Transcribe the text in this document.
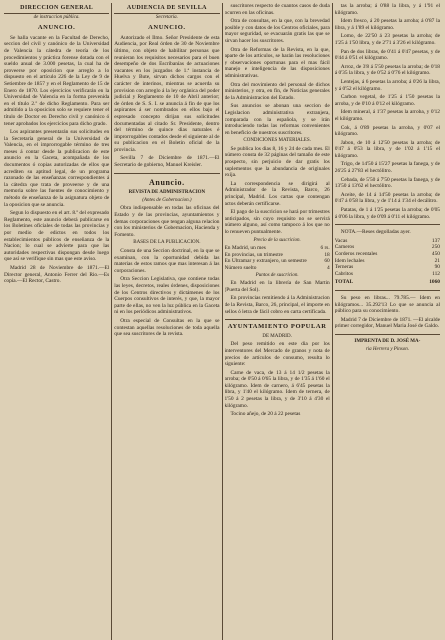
DIRECCION GENERAL
de instruccion pública.
ANUNCIO.

Se halla vacante en la Facultad de Derecho, seccion del civil y canónico de la Universidad de Valencia la cátedra de teoría de los procedimientos y práctica forense dotada con el sueldo anual de 3.000 pesetas, la cual ha de proveerse por oposicion que arreglo a lo dispuesto en el artículo 226 de la Ley de 9 de Setiembre de 1857 y en el Reglamento de 15 de Enero de 1870. Los ejercicios verificarán en la Universidad de Valencia en la forma prevenida en el título 2.º de dicho Reglamento. Para ser admitido a la oposicion solo se requiere tener el título de Doctor en Derecho civil y canónico ó tener aprobados los ejercicios para dicho grado.

Los aspirantes presentarán sus solicitudes en la Secretaría general de la Universidad de Valencia, en el improrrogable término de tres meses á contar desde la publicacion de este anuncio en la Gaceta, acompañada de los documentos ó copias autorizadas de ellos que acrediten su aptitud legal, de un programa razonado de las enseñanzas correspondientes á la cátedra que trata de proveerse y de una memoria sobre las fuentes de conocimiento y método de enseñanza de la asignatura objeto de la oposicion que se anuncia.

Segun lo dispuesto en el art. 8.º del expresado Reglamento, este anuncio deberá publicarse en los Boletines oficiales de todas las provincias y por medio de edictos en todos los establecimientos públicos de enseñanza de la Nacion; lo cual se advierte para que las autoridades respectivas dispongan desde luego que así se verifique sin mas que este aviso.

Madrid 28 de Noviembre de 1871.—El Director general, Antonio Ferrer del Rio.—Es copia.—El Rector, Castro.

AUDIENCIA DE SEVILLA
Secretaría.
ANUNCIO.

Autorizado el Ilmo. Señor Presidente de esta Audiencia, por Real órden de 30 de Noviembre último, con objeto de habilitar personas que reunieran los requisitos necesarios para el buen desempeño de dos Escribanías de actuaciones vacantes en los juzgados de 1.ª instancia de Huelva y Bute, sirvan dichos cargos con el carácter de interinos, mientras se acuerda su provision con arreglo á la ley orgánica del poder judicial y Reglamento de 10 de Abril anterior; de órden de S. S. I. se anuncia á fin de que los aspirantes á ser nombrados en ellos bajo el espresado concepto dirijan sus solicitudes documentadas al citado Sr. Presidente, dentro del término de quince dias naturales é improrrogables contados desde el siguiente al de su publicacion en el Boletin oficial de la provincia.

Sevilla 7 de Diciembre de 1871.—El Secretario de gobierno, Manuel Kreisler.

Anuncio.
REVISTA DE ADMINISTRACION
(Antes de Gobernacion.)

Obra indispensable en todas las oficinas del Estado y de las provincias, ayuntamientos y demas corporaciones que tengan alguna relacion con los ministerios de Gobernacion, Hacienda y Fomento.

BASES DE LA PUBLICACION.

Consta de una Seccion doctrinal, en la que se examinan, con la oportunidad debida las materias de estos ramos que mas interesan á las corporaciones.

Otra Seccion Legislativa, que contiene todas las leyes, decretos, reales órdenes, disposiciones de los Centros directivos y dictámenes de los Cuerpos consultivos de interés, y que, la mayor parte de ellas, no ven la luz pública en la Gaceta ni en los periódicos administrativos.

Otra especial de Consultas en la que se contestan aquellas resoluciones de toda aquella que sea suscritores de la revista.

suscritores respecto de cuantos casos de duda ocurren en las oficinas.

Otra de consultas, en la que, con la brevedad posible y con datos de los Centros oficiales, para mayor seguridad, se evacuarán gratis las que se sirvan hacer los suscritores.

Otra de Reformas de la Revista, en la que, aparte de los articulos, se harán las resoluciones y observaciones oportunas para el mas fácil manejo e inteligencia de las disposiciones administrativas.

Otra del movimiento del personal de dichos ministerios, y otra, en fin, de Noticias generales de la Administracion del Estado.

Sus anuncios se abonan una seccion de Legislacion administrativa extranjera, comparada con la española, y se irán introduciendo todas las reformas convenientes en beneficio de nuestros suscritores.

CONDICIONES MATERIALES.

Se publica los dias 8, 16 y 24 de cada mes. El número consta de 32 páginas del tamaño de este prospecto, sin perjuicio de dar gratis los suplementos que la abundancia de originales exija.

La correspondencia se dirigirá al Administrador de la Revista, Barco, 26 principal, Madrid. Los cartas que contengan actos deberán certificarse.

El pago de la suscricion se hará por trimestres anticipados, sin cuyo requisito no se servirá número alguno, así como tampoco á los que no lo renueven puntualmente.

Precio de la suscricion.
En Madrid, un mes	6 rs.
En provincias, un trimestre	18
En Ultramar y extranjero, un semestre	60
Número suelto	4
Puntos de suscricion.

En Madrid en la librería de San Martin (Puerta del Sol).

En provincias remitiendo á la Administracion de la Revista, Barco, 26, principal, el importe en sellos ó letra de fácil cobro en carta certificada.

AYUNTAMIENTO POPULAR
DE MADRID.

Del peso remitido en este dia por los interventores del Mercado de granos y nota de precios de artículos de consumo, resulta lo siguiente:

Carne de vaca, de 13 á 14 1/2 pesetas la arroba; de 0'50 á 0'65 la libra, y de 1'35 á 1'60 el kilógramo. Idem de carnero, á 6'45 pesetas la libra, y 1'40 el kilógramo. Idem de ternera, de 1'50 á 2 pesetas la libra, y de 3'10 á 4'30 el kilógramo.

Tocino añejo, de 20 á 22 pesetas

tas la arroba; á 0'88 la libra, y á 1'91 el kilógramo.

Idem fresco, á 20 pesetas la arroba; á 0'87 la libra, y á 1'89 el kilógramo.

Lomo, de 22'50 á 23 pesetas la arroba; de 1'25 á 1'50 libra, y de 2'71 á 3'26 el kilógramo.

Pan de dos libras, de 0'41 á 0'47 pesetas, y de 0'44 á 0'51 el kilógramo.

Arroz, de 3'8 á 5'50 pesetas la arroba; de 0'18 á 0'35 la libra, y de 0'52 á 0'76 el kilógramo.

Lentejas, á 6 pesetas la arroba; á 0'26 la libra, y á 0'52 el kilógramo.

Carbon vegetal, de 1'25 á 1'50 pesetas la arroba, y de 0'10 á 0'12 el kilógramo.

Idem mineral, á 1'37 pesetas la arroba, y 0'12 el kilógramo.

Cok, á 0'89 pesetas la arroba, y 0'07 el kilógramo.

Jabon, de 10 á 12'50 pesetas la arroba; de 0'47 á 0'53 la libra, y de 1'02 á 1'15 el kilógramo.

Trigo, de 14'50 á 15'27 pesetas la fanega, y de 26'25 á 27'83 el hectólitro.

Cebada, de 5'50 á 7'50 pesetas la fanega, y de 13'50 á 13'62 el hectólitro.

Aceite, de 14 á 14'50 pesetas la arroba; de 0'47 á 0'58 la libra, y de 1'14 á 1'34 el decálitro.

Patatas, de 1 á 1'25 pesetas la arroba; de 0'05 á 0'06 la libra, y de 0'09 á 0'11 el kilógramo.

NOTA.—Reses degolladas ayer.

Vacas	137
Carneros	250
Corderos recentales	450
Idem lechales	21
Terneras	90
Cabritos	112
TOTAL	1060

Su peso en libras... 79.785.— Idem en kilógramos... 35.292'13 Lo que se anuncia al público para su conocimiento.

Madrid 7 de Diciembre de 1871. —El alcalde primer corregidor, Manuel Maria José de Galdo.

IMPRENTA DE D. JOSÉ MA-
ria Herrera y Pinson.
